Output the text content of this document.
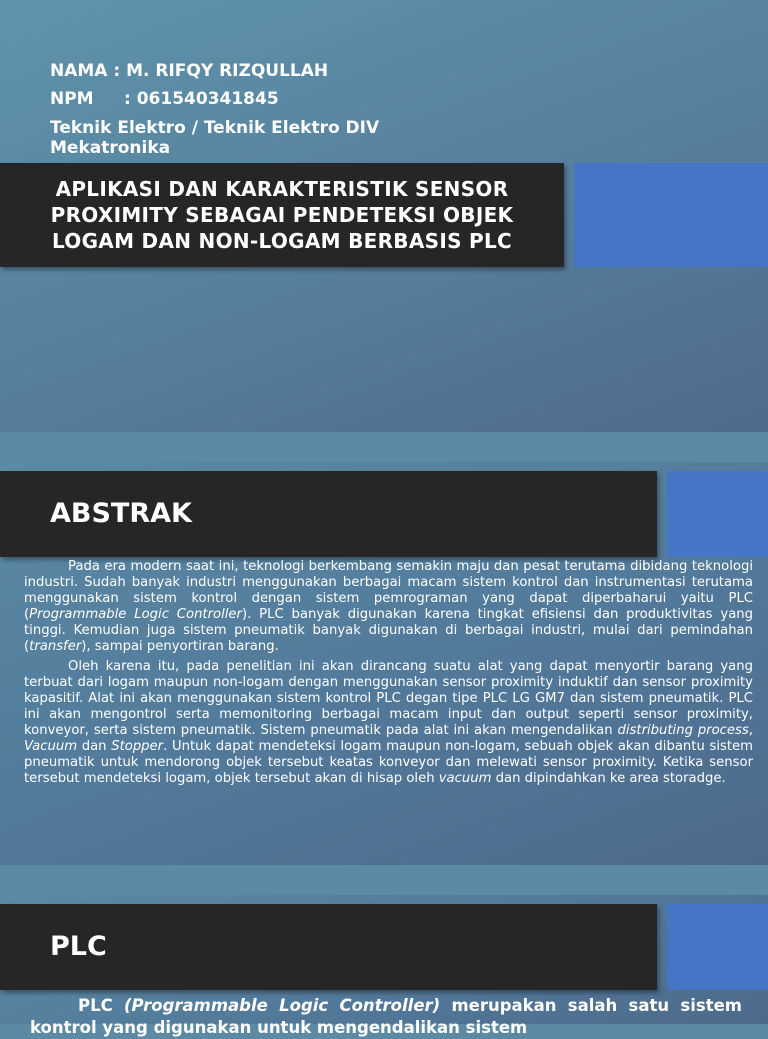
NAMA : M. RIFQY RIZQULLAH
NPM : 061540341845
Teknik Elektro / Teknik Elektro DIV Mekatronika
APLIKASI DAN KARAKTERISTIK SENSOR PROXIMITY SEBAGAI PENDETEKSI OBJEK LOGAM DAN NON-LOGAM BERBASIS PLC
ABSTRAK

Pada era modern saat ini, teknologi berkembang semakin maju dan pesat terutama dibidang teknologi industri. Sudah banyak industri menggunakan berbagai macam sistem kontrol dan instrumentasi terutama menggunakan sistem kontrol dengan sistem pemrograman yang dapat diperbaharui yaitu PLC (Programmable Logic Controller). PLC banyak digunakan karena tingkat efisiensi dan produktivitas yang tinggi. Kemudian juga sistem pneumatik banyak digunakan di berbagai industri, mulai dari pemindahan (transfer), sampai penyortiran barang.

Oleh karena itu, pada penelitian ini akan dirancang suatu alat yang dapat menyortir barang yang terbuat dari logam maupun non-logam dengan menggunakan sensor proximity induktif dan sensor proximity kapasitif. Alat ini akan menggunakan sistem kontrol PLC degan tipe PLC LG GM7 dan sistem pneumatik. PLC ini akan mengontrol serta memonitoring berbagai macam input dan output seperti sensor proximity, konveyor, serta sistem pneumatik. Sistem pneumatik pada alat ini akan mengendalikan distributing process, Vacuum dan Stopper. Untuk dapat mendeteksi logam maupun non-logam, sebuah objek akan dibantu sistem pneumatik untuk mendorong objek tersebut keatas konveyor dan melewati sensor proximity. Ketika sensor tersebut mendeteksi logam, objek tersebut akan di hisap oleh vacuum dan dipindahkan ke area storadge.

PLC
PLC (Programmable Logic Controller) merupakan salah satu sistem kontrol yang digunakan untuk mengendalikan sistem
